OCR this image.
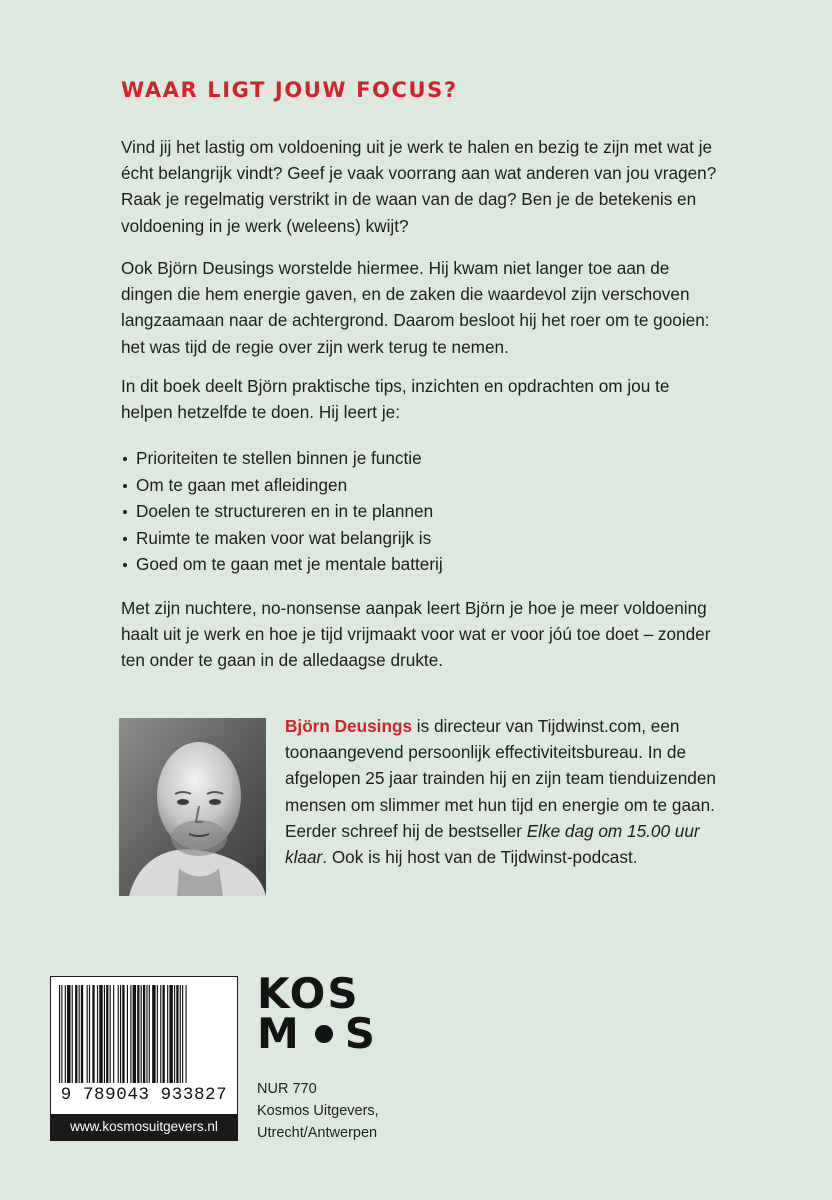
WAAR LIGT JOUW FOCUS?

Vind jij het lastig om voldoening uit je werk te halen en bezig te zijn met wat je écht belangrijk vindt? Geef je vaak voorrang aan wat anderen van jou vragen? Raak je regelmatig verstrikt in de waan van de dag? Ben je de betekenis en voldoening in je werk (weleens) kwijt?

Ook Björn Deusings worstelde hiermee. Hij kwam niet langer toe aan de dingen die hem energie gaven, en de zaken die waardevol zijn verschoven langzaamaan naar de achtergrond. Daarom besloot hij het roer om te gooien: het was tijd de regie over zijn werk terug te nemen.

In dit boek deelt Björn praktische tips, inzichten en opdrachten om jou te helpen hetzelfde te doen. Hij leert je:

Prioriteiten te stellen binnen je functie
Om te gaan met afleidingen
Doelen te structureren en in te plannen
Ruimte te maken voor wat belangrijk is
Goed om te gaan met je mentale batterij

Met zijn nuchtere, no-nonsense aanpak leert Björn je hoe je meer voldoening haalt uit je werk en hoe je tijd vrijmaakt voor wat er voor jóú toe doet – zonder ten onder te gaan in de alledaagse drukte.

Björn Deusings is directeur van Tijdwinst.com, een toonaangevend persoonlijk effectiviteitsbureau. In de afgelopen 25 jaar trainden hij en zijn team tienduizenden mensen om slimmer met hun tijd en energie om te gaan. Eerder schreef hij de bestseller Elke dag om 15.00 uur klaar. Ook is hij host van de Tijdwinst-podcast.

9 789043 933827
www.kosmosuitgevers.nl
KOS
M S
NUR 770
Kosmos Uitgevers,
Utrecht/Antwerpen
